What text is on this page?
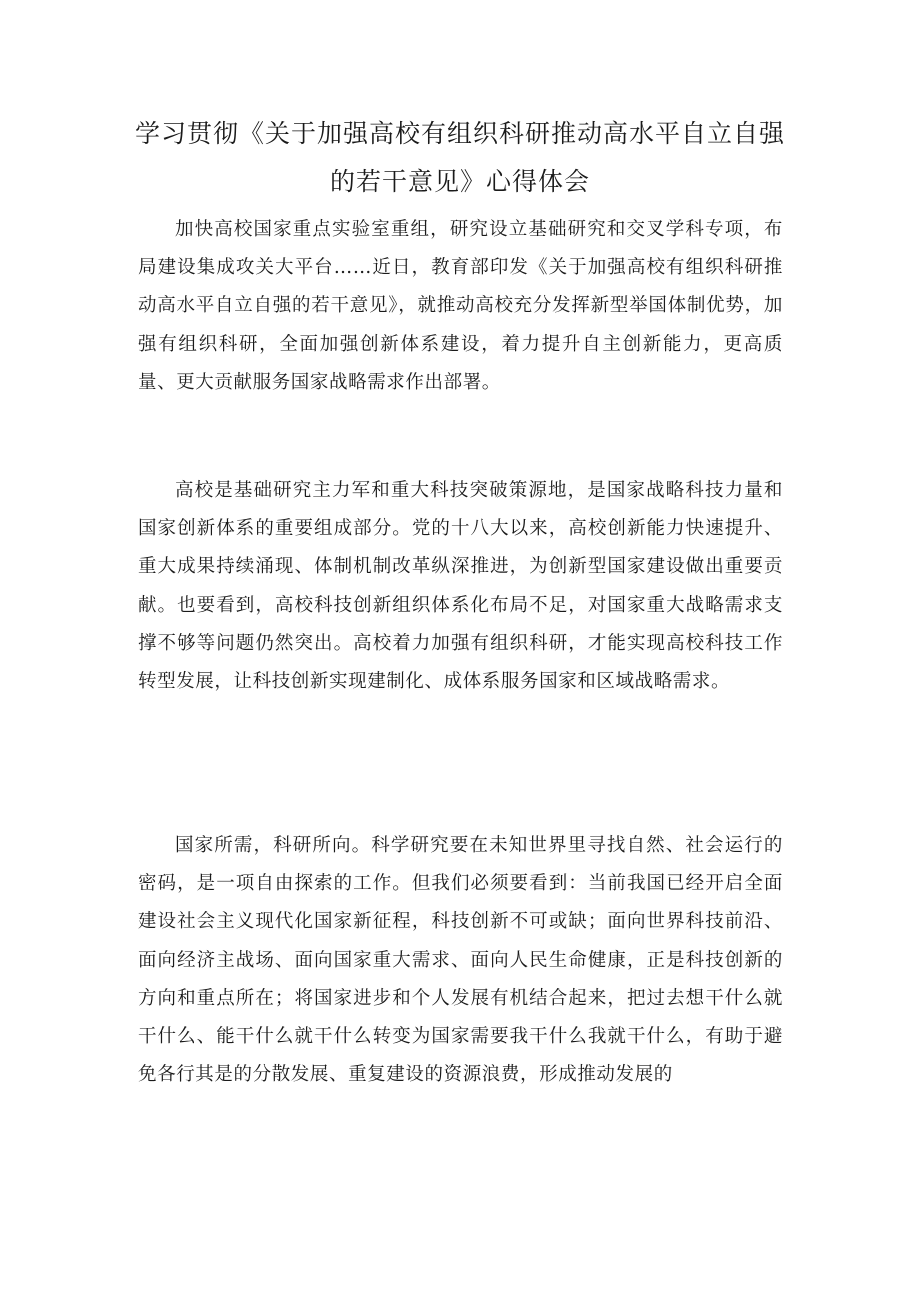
学习贯彻《关于加强高校有组织科研推动高水平自立自强
的若干意见》心得体会

加快高校国家重点实验室重组，研究设立基础研究和交叉学科专项，布局建设集成攻关大平台……近日，教育部印发《关于加强高校有组织科研推动高水平自立自强的若干意见》，就推动高校充分发挥新型举国体制优势，加强有组织科研，全面加强创新体系建设，着力提升自主创新能力，更高质量、更大贡献服务国家战略需求作出部署。

高校是基础研究主力军和重大科技突破策源地，是国家战略科技力量和国家创新体系的重要组成部分。党的十八大以来，高校创新能力快速提升、重大成果持续涌现、体制机制改革纵深推进，为创新型国家建设做出重要贡献。也要看到，高校科技创新组织体系化布局不足，对国家重大战略需求支撑不够等问题仍然突出。高校着力加强有组织科研，才能实现高校科技工作转型发展，让科技创新实现建制化、成体系服务国家和区域战略需求。

国家所需，科研所向。科学研究要在未知世界里寻找自然、社会运行的密码，是一项自由探索的工作。但我们必须要看到：当前我国已经开启全面建设社会主义现代化国家新征程，科技创新不可或缺；面向世界科技前沿、面向经济主战场、面向国家重大需求、面向人民生命健康，正是科技创新的方向和重点所在；将国家进步和个人发展有机结合起来，把过去想干什么就干什么、能干什么就干什么转变为国家需要我干什么我就干什么，有助于避免各行其是的分散发展、重复建设的资源浪费，形成推动发展的
